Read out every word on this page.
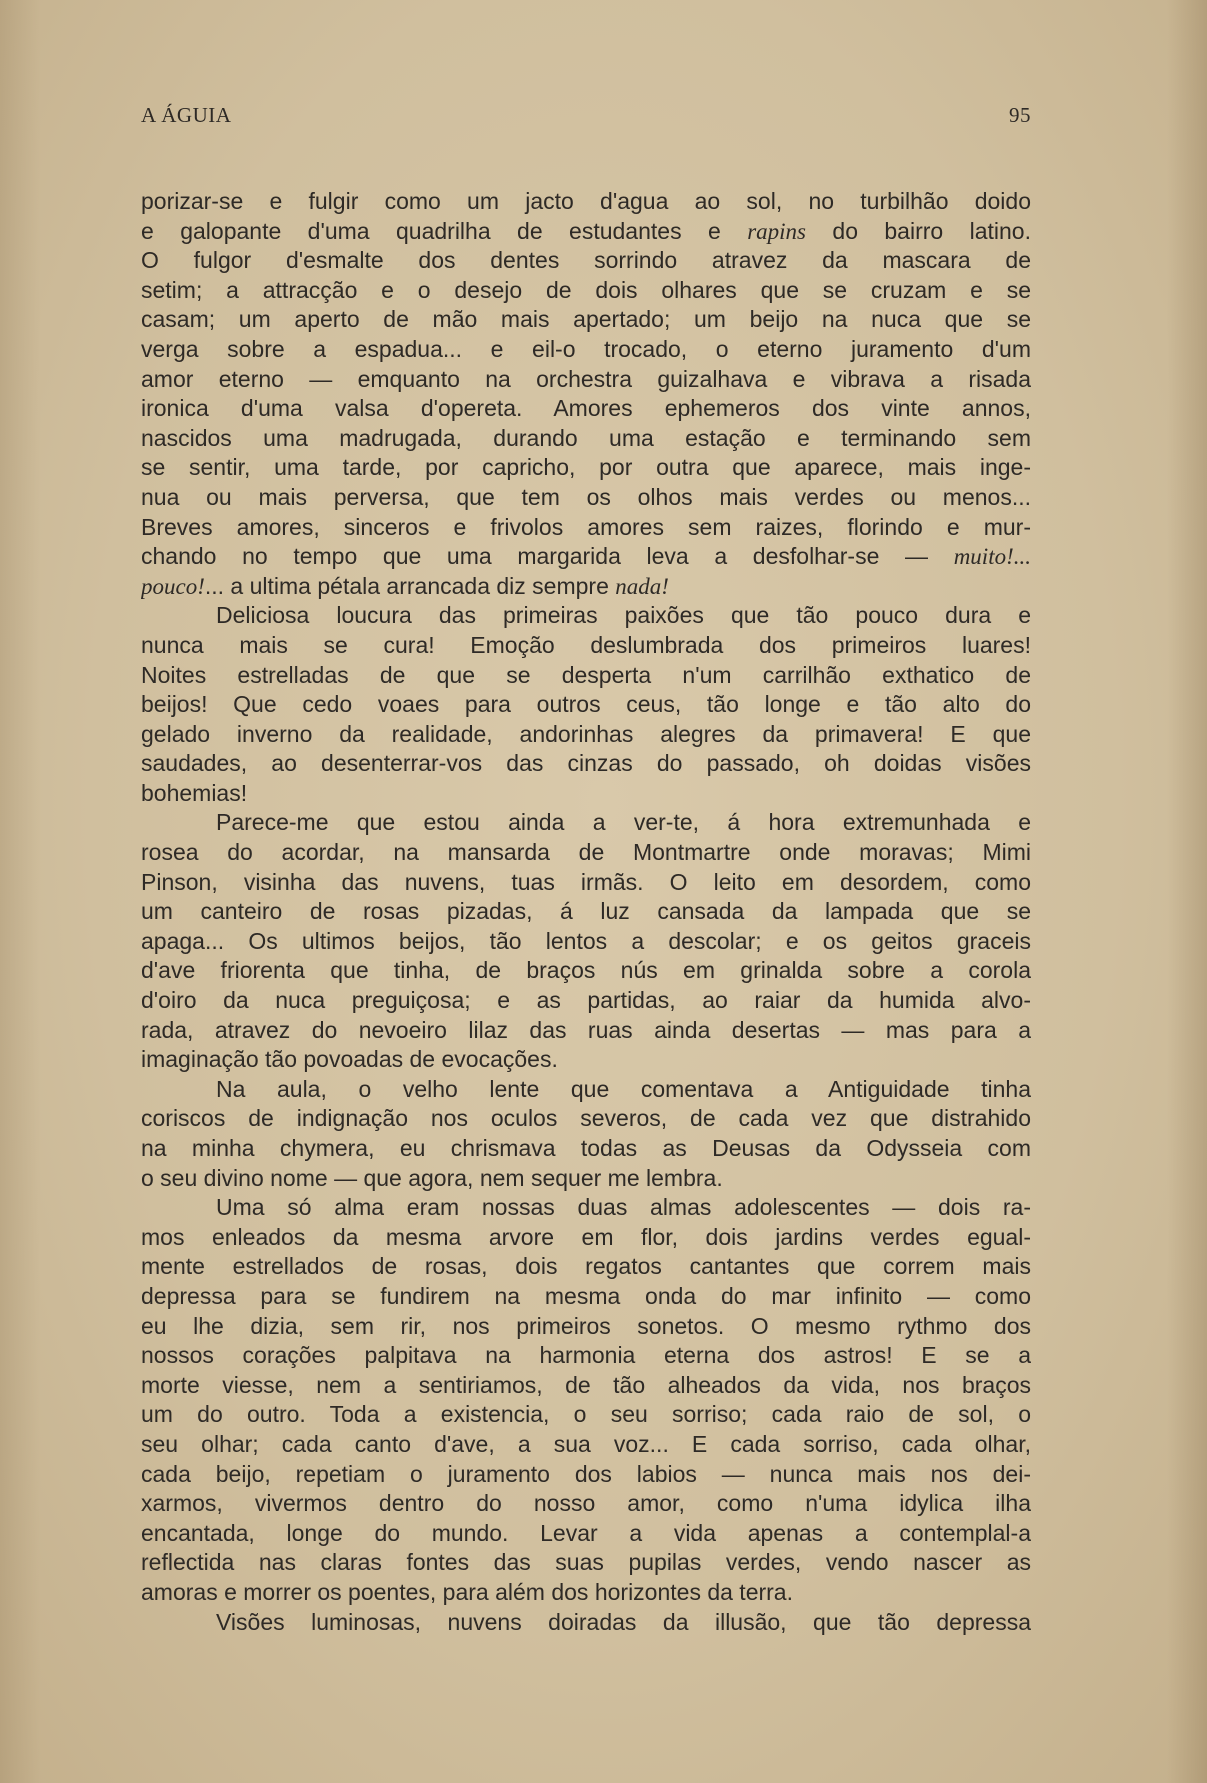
A ÁGUIA	95
porizar-se e fulgir como um jacto d'agua ao sol, no turbilhão doido
e galopante d'uma quadrilha de estudantes e rapins do bairro latino.
O fulgor d'esmalte dos dentes sorrindo atravez da mascara de
setim; a attracção e o desejo de dois olhares que se cruzam e se
casam; um aperto de mão mais apertado; um beijo na nuca que se
verga sobre a espadua... e eil-o trocado, o eterno juramento d'um
amor eterno — emquanto na orchestra guizalhava e vibrava a risada
ironica d'uma valsa d'opereta. Amores ephemeros dos vinte annos,
nascidos uma madrugada, durando uma estação e terminando sem
se sentir, uma tarde, por capricho, por outra que aparece, mais inge-
nua ou mais perversa, que tem os olhos mais verdes ou menos...
Breves amores, sinceros e frivolos amores sem raizes, florindo e mur-
chando no tempo que uma margarida leva a desfolhar-se — muito!...
pouco!... a ultima pétala arrancada diz sempre nada!
Deliciosa loucura das primeiras paixões que tão pouco dura e
nunca mais se cura! Emoção deslumbrada dos primeiros luares!
Noites estrelladas de que se desperta n'um carrilhão exthatico de
beijos! Que cedo voaes para outros ceus, tão longe e tão alto do
gelado inverno da realidade, andorinhas alegres da primavera! E que
saudades, ao desenterrar-vos das cinzas do passado, oh doidas visões
bohemias!
Parece-me que estou ainda a ver-te, á hora extremunhada e
rosea do acordar, na mansarda de Montmartre onde moravas; Mimi
Pinson, visinha das nuvens, tuas irmãs. O leito em desordem, como
um canteiro de rosas pizadas, á luz cansada da lampada que se
apaga... Os ultimos beijos, tão lentos a descolar; e os geitos graceis
d'ave friorenta que tinha, de braços nús em grinalda sobre a corola
d'oiro da nuca preguiçosa; e as partidas, ao raiar da humida alvo-
rada, atravez do nevoeiro lilaz das ruas ainda desertas — mas para a
imaginação tão povoadas de evocações.
Na aula, o velho lente que comentava a Antiguidade tinha
coriscos de indignação nos oculos severos, de cada vez que distrahido
na minha chymera, eu chrismava todas as Deusas da Odysseia com
o seu divino nome — que agora, nem sequer me lembra.
Uma só alma eram nossas duas almas adolescentes — dois ra-
mos enleados da mesma arvore em flor, dois jardins verdes egual-
mente estrellados de rosas, dois regatos cantantes que correm mais
depressa para se fundirem na mesma onda do mar infinito — como
eu lhe dizia, sem rir, nos primeiros sonetos. O mesmo rythmo dos
nossos corações palpitava na harmonia eterna dos astros! E se a
morte viesse, nem a sentiriamos, de tão alheados da vida, nos braços
um do outro. Toda a existencia, o seu sorriso; cada raio de sol, o
seu olhar; cada canto d'ave, a sua voz... E cada sorriso, cada olhar,
cada beijo, repetiam o juramento dos labios — nunca mais nos dei-
xarmos, vivermos dentro do nosso amor, como n'uma idylica ilha
encantada, longe do mundo. Levar a vida apenas a contemplal-a
reflectida nas claras fontes das suas pupilas verdes, vendo nascer as
amoras e morrer os poentes, para além dos horizontes da terra.
Visões luminosas, nuvens doiradas da illusão, que tão depressa
